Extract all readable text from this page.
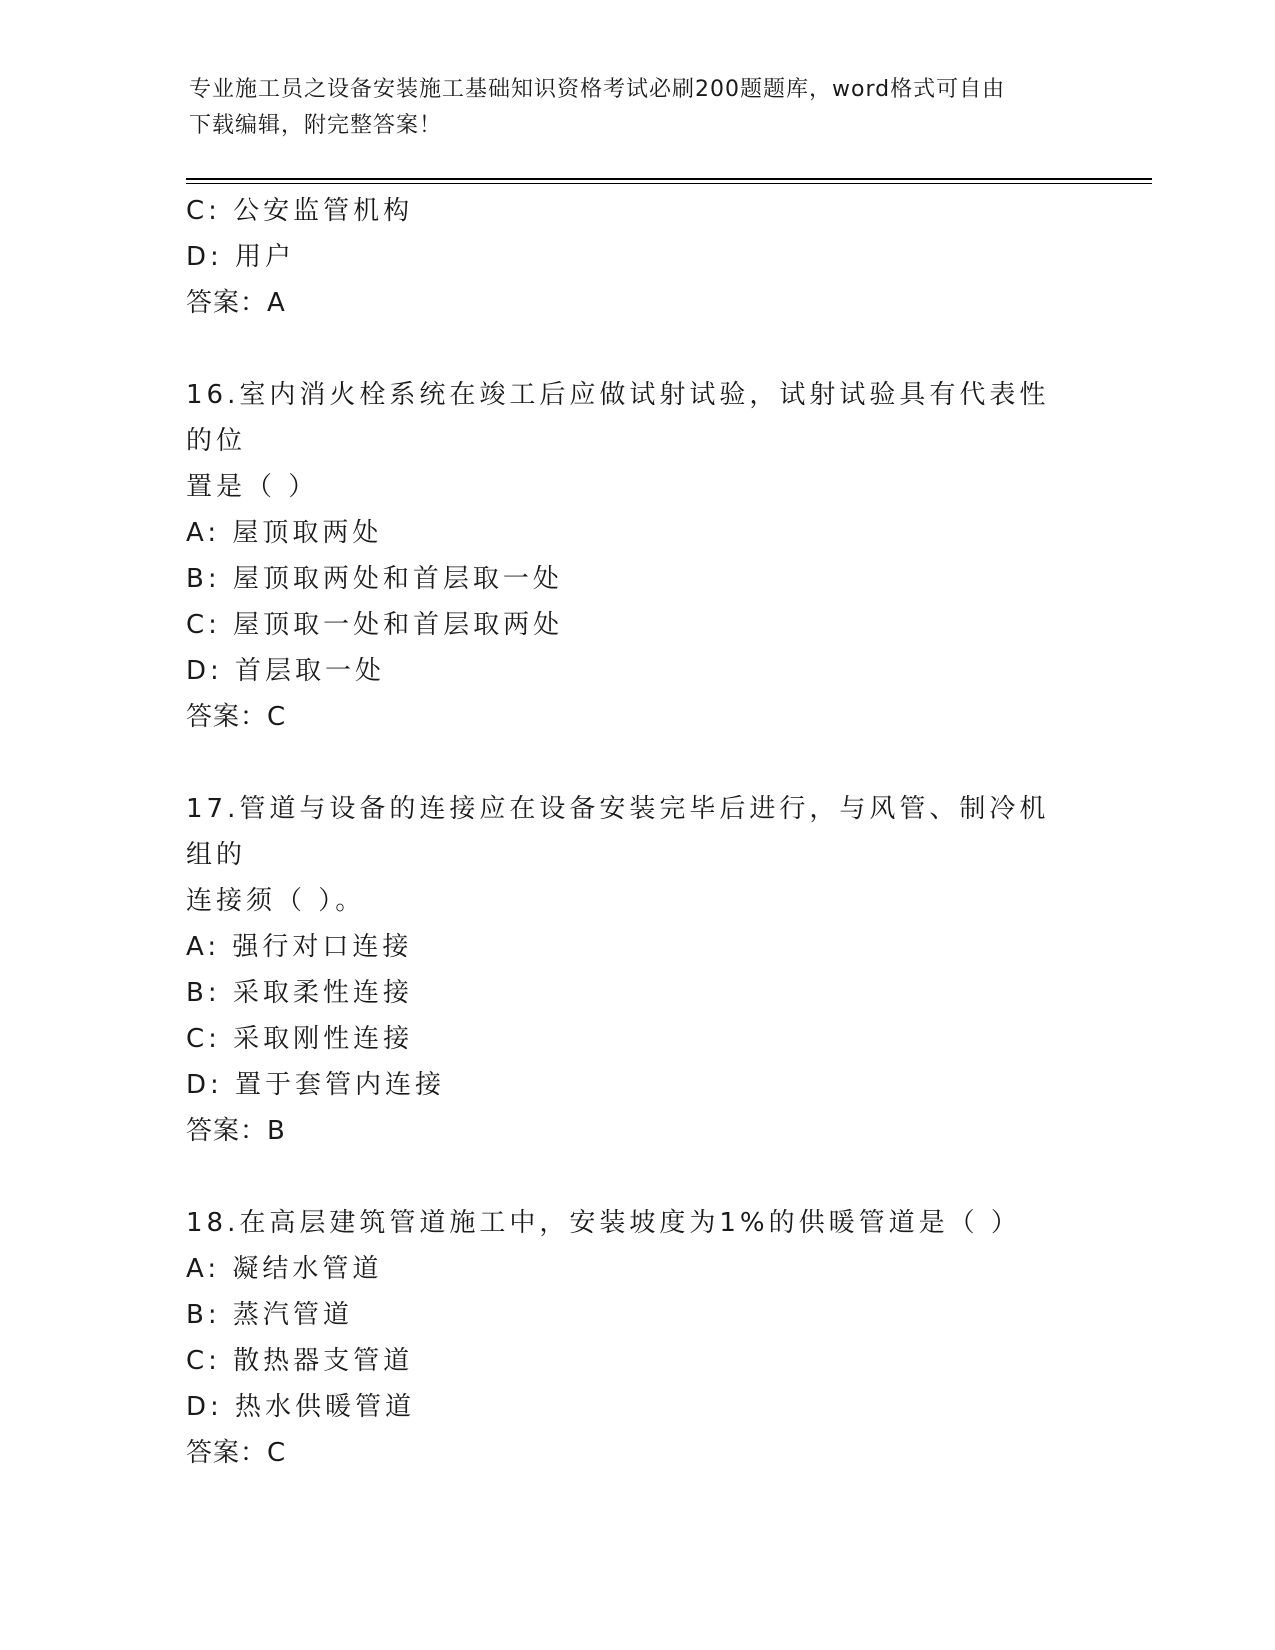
专业施工员之设备安装施工基础知识资格考试必刷200题题库，word格式可自由
下载编辑，附完整答案！
C: 公安监管机构
D: 用户
答案：A
16.室内消火栓系统在竣工后应做试射试验，试射试验具有代表性的位
置是（ ）
A: 屋顶取两处
B: 屋顶取两处和首层取一处
C: 屋顶取一处和首层取两处
D: 首层取一处
答案：C
17.管道与设备的连接应在设备安装完毕后进行，与风管、制冷机组的
连接须（ ）。
A: 强行对口连接
B: 采取柔性连接
C: 采取刚性连接
D: 置于套管内连接
答案：B
18.在高层建筑管道施工中，安装坡度为1%的供暖管道是（ ）
A: 凝结水管道
B: 蒸汽管道
C: 散热器支管道
D: 热水供暖管道
答案：C
